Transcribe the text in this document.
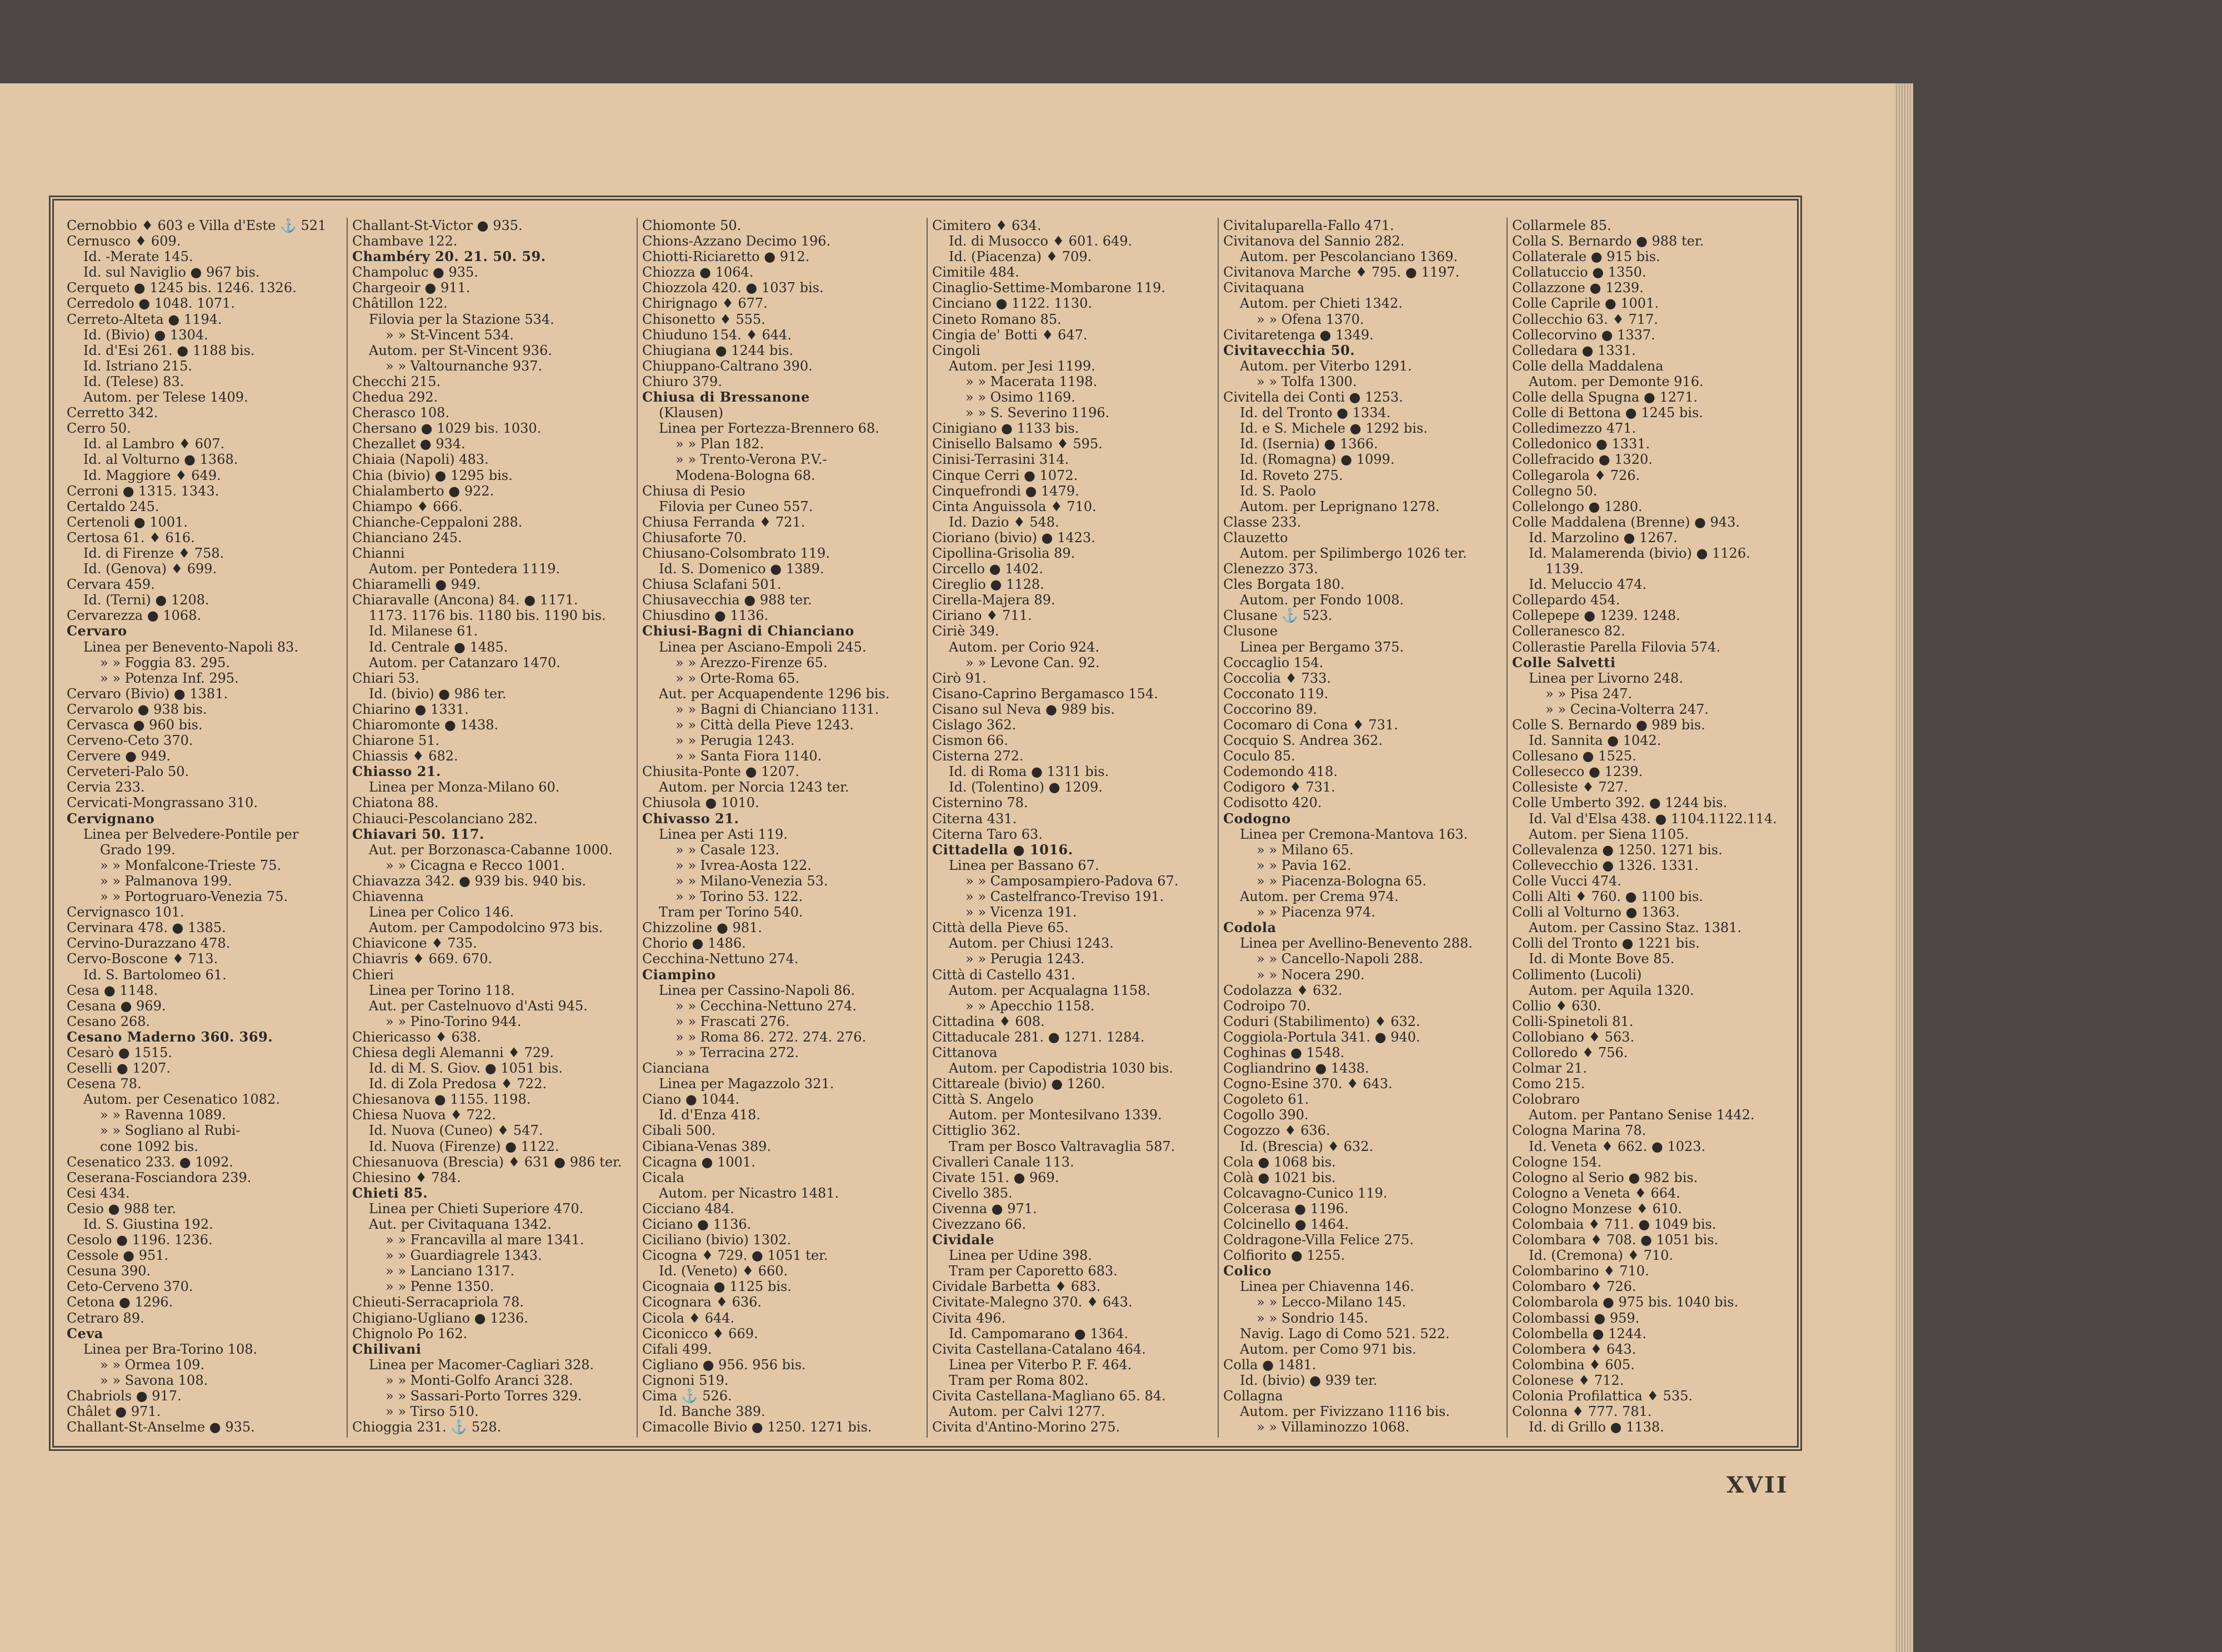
Cernobbio ♦ 603 e Villa d'Este ⚓ 521
Cernusco ♦ 609.
Id. -Merate 145.
Id. sul Naviglio ● 967 bis.
Cerqueto ● 1245 bis. 1246. 1326.
Cerredolo ● 1048. 1071.
Cerreto-Alteta ● 1194.
Id. (Bivio) ● 1304.
Id. d'Esi 261. ● 1188 bis.
Id. Istriano 215.
Id. (Telese) 83.
Autom. per Telese 1409.
Cerretto 342.
Cerro 50.
Id. al Lambro ♦ 607.
Id. al Volturno ● 1368.
Id. Maggiore ♦ 649.
Cerroni ● 1315. 1343.
Certaldo 245.
Certenoli ● 1001.
Certosa 61. ♦ 616.
Id. di Firenze ♦ 758.
Id. (Genova) ♦ 699.
Cervara 459.
Id. (Terni) ● 1208.
Cervarezza ● 1068.
Cervaro
Linea per Benevento-Napoli 83.
» » Foggia 83. 295.
» » Potenza Inf. 295.
Cervaro (Bivio) ● 1381.
Cervarolo ● 938 bis.
Cervasca ● 960 bis.
Cerveno-Ceto 370.
Cervere ● 949.
Cerveteri-Palo 50.
Cervia 233.
Cervicati-Mongrassano 310.
Cervignano
Linea per Belvedere-Pontile per
Grado 199.
» » Monfalcone-Trieste 75.
» » Palmanova 199.
» » Portogruaro-Venezia 75.
Cervignasco 101.
Cervinara 478. ● 1385.
Cervino-Durazzano 478.
Cervo-Boscone ♦ 713.
Id. S. Bartolomeo 61.
Cesa ● 1148.
Cesana ● 969.
Cesano 268.
Cesano Maderno 360. 369.
Cesarò ● 1515.
Ceselli ● 1207.
Cesena 78.
Autom. per Cesenatico 1082.
» » Ravenna 1089.
» » Sogliano al Rubi-
cone 1092 bis.
Cesenatico 233. ● 1092.
Ceserana-Fosciandora 239.
Cesi 434.
Cesio ● 988 ter.
Id. S. Giustina 192.
Cesolo ● 1196. 1236.
Cessole ● 951.
Cesuna 390.
Ceto-Cerveno 370.
Cetona ● 1296.
Cetraro 89.
Ceva
Linea per Bra-Torino 108.
» » Ormea 109.
» » Savona 108.
Chabriols ● 917.
Châlet ● 971.
Challant-St-Anselme ● 935.
Challant-St-Victor ● 935.
Chambave 122.
Chambéry 20. 21. 50. 59.
Champoluc ● 935.
Chargeoir ● 911.
Châtillon 122.
Filovia per la Stazione 534.
» » St-Vincent 534.
Autom. per St-Vincent 936.
» » Valtournanche 937.
Checchi 215.
Chedua 292.
Cherasco 108.
Chersano ● 1029 bis. 1030.
Chezallet ● 934.
Chiaia (Napoli) 483.
Chia (bivio) ● 1295 bis.
Chialamberto ● 922.
Chiampo ♦ 666.
Chianche-Ceppaloni 288.
Chianciano 245.
Chianni
Autom. per Pontedera 1119.
Chiaramelli ● 949.
Chiaravalle (Ancona) 84. ● 1171.
1173. 1176 bis. 1180 bis. 1190 bis.
Id. Milanese 61.
Id. Centrale ● 1485.
Autom. per Catanzaro 1470.
Chiari 53.
Id. (bivio) ● 986 ter.
Chiarino ● 1331.
Chiaromonte ● 1438.
Chiarone 51.
Chiassis ♦ 682.
Chiasso 21.
Linea per Monza-Milano 60.
Chiatona 88.
Chiauci-Pescolanciano 282.
Chiavari 50. 117.
Aut. per Borzonasca-Cabanne 1000.
» » Cicagna e Recco 1001.
Chiavazza 342. ● 939 bis. 940 bis.
Chiavenna
Linea per Colico 146.
Autom. per Campodolcino 973 bis.
Chiavicone ♦ 735.
Chiavris ♦ 669. 670.
Chieri
Linea per Torino 118.
Aut. per Castelnuovo d'Asti 945.
» » Pino-Torino 944.
Chiericasso ♦ 638.
Chiesa degli Alemanni ♦ 729.
Id. di M. S. Giov. ● 1051 bis.
Id. di Zola Predosa ♦ 722.
Chiesanova ● 1155. 1198.
Chiesa Nuova ♦ 722.
Id. Nuova (Cuneo) ♦ 547.
Id. Nuova (Firenze) ● 1122.
Chiesanuova (Brescia) ♦ 631 ● 986 ter.
Chiesino ♦ 784.
Chieti 85.
Linea per Chieti Superiore 470.
Aut. per Civitaquana 1342.
» » Francavilla al mare 1341.
» » Guardiagrele 1343.
» » Lanciano 1317.
» » Penne 1350.
Chieuti-Serracapriola 78.
Chigiano-Ugliano ● 1236.
Chignolo Po 162.
Chilivani
Linea per Macomer-Cagliari 328.
» » Monti-Golfo Aranci 328.
» » Sassari-Porto Torres 329.
» » Tirso 510.
Chioggia 231. ⚓ 528.
Chiomonte 50.
Chions-Azzano Decimo 196.
Chiotti-Riciaretto ● 912.
Chiozza ● 1064.
Chiozzola 420. ● 1037 bis.
Chirignago ♦ 677.
Chisonetto ♦ 555.
Chiuduno 154. ♦ 644.
Chiugiana ● 1244 bis.
Chiuppano-Caltrano 390.
Chiuro 379.
Chiusa di Bressanone
(Klausen)
Linea per Fortezza-Brennero 68.
» » Plan 182.
» » Trento-Verona P.V.-
Modena-Bologna 68.
Chiusa di Pesio
Filovia per Cuneo 557.
Chiusa Ferranda ♦ 721.
Chiusaforte 70.
Chiusano-Colsombrato 119.
Id. S. Domenico ● 1389.
Chiusa Sclafani 501.
Chiusavecchia ● 988 ter.
Chiusdino ● 1136.
Chiusi-Bagni di Chianciano
Linea per Asciano-Empoli 245.
» » Arezzo-Firenze 65.
» » Orte-Roma 65.
Aut. per Acquapendente 1296 bis.
» » Bagni di Chianciano 1131.
» » Città della Pieve 1243.
» » Perugia 1243.
» » Santa Fiora 1140.
Chiusita-Ponte ● 1207.
Autom. per Norcia 1243 ter.
Chiusola ● 1010.
Chivasso 21.
Linea per Asti 119.
» » Casale 123.
» » Ivrea-Aosta 122.
» » Milano-Venezia 53.
» » Torino 53. 122.
Tram per Torino 540.
Chizzoline ● 981.
Chorio ● 1486.
Cecchina-Nettuno 274.
Ciampino
Linea per Cassino-Napoli 86.
» » Cecchina-Nettuno 274.
» » Frascati 276.
» » Roma 86. 272. 274. 276.
» » Terracina 272.
Cianciana
Linea per Magazzolo 321.
Cianо ● 1044.
Id. d'Enza 418.
Cibali 500.
Cibiana-Venas 389.
Cicagna ● 1001.
Cicala
Autom. per Nicastro 1481.
Ciccianо 484.
Ciciano ● 1136.
Ciciliano (bivio) 1302.
Cicogna ♦ 729. ● 1051 ter.
Id. (Veneto) ♦ 660.
Cicognaia ● 1125 bis.
Cicognara ♦ 636.
Cicola ♦ 644.
Ciconicco ♦ 669.
Cifali 499.
Cigliano ● 956. 956 bis.
Cignoni 519.
Cima ⚓ 526.
Id. Banche 389.
Cimacolle Bivio ● 1250. 1271 bis.
Cimitero ♦ 634.
Id. di Musocco ♦ 601. 649.
Id. (Piacenza) ♦ 709.
Cimitile 484.
Cinaglio-Settime-Mombarone 119.
Cinciano ● 1122. 1130.
Cineto Romano 85.
Cingia de' Botti ♦ 647.
Cingoli
Autom. per Jesi 1199.
» » Macerata 1198.
» » Osimo 1169.
» » S. Severino 1196.
Cinigiano ● 1133 bis.
Cinisello Balsamo ♦ 595.
Cinisi-Terrasini 314.
Cinque Cerri ● 1072.
Cinquefrondi ● 1479.
Cinta Anguissola ♦ 710.
Id. Dazio ♦ 548.
Cioriano (bivio) ● 1423.
Cipollina-Grisolia 89.
Circello ● 1402.
Cireglio ● 1128.
Cirella-Majera 89.
Ciriano ♦ 711.
Ciriè 349.
Autom. per Corio 924.
» » Levone Can. 92.
Cirò 91.
Cisano-Caprino Bergamasco 154.
Cisano sul Neva ● 989 bis.
Cislago 362.
Cismon 66.
Cisterna 272.
Id. di Roma ● 1311 bis.
Id. (Tolentino) ● 1209.
Cisternino 78.
Citerna 431.
Citerna Taro 63.
Cittadella ● 1016.
Linea per Bassano 67.
» » Camposampiero-Padova 67.
» » Castelfranco-Treviso 191.
» » Vicenza 191.
Città della Pieve 65.
Autom. per Chiusi 1243.
» » Perugia 1243.
Città di Castello 431.
Autom. per Acqualagna 1158.
» » Apecchio 1158.
Cittadina ♦ 608.
Cittaducale 281. ● 1271. 1284.
Cittanova
Autom. per Capodistria 1030 bis.
Cittareale (bivio) ● 1260.
Città S. Angelo
Autom. per Montesilvano 1339.
Cittiglio 362.
Tram per Bosco Valtravaglia 587.
Civalleri Canale 113.
Civate 151. ● 969.
Civello 385.
Civenna ● 971.
Civezzano 66.
Cividale
Linea per Udine 398.
Tram per Caporetto 683.
Cividale Barbetta ♦ 683.
Civitate-Malegno 370. ♦ 643.
Civita 496.
Id. Campomarano ● 1364.
Civita Castellana-Catalano 464.
Linea per Viterbo P. F. 464.
Tram per Roma 802.
Civita Castellana-Magliano 65. 84.
Autom. per Calvi 1277.
Civita d'Antino-Morino 275.
Civitaluparella-Fallo 471.
Civitanova del Sannio 282.
Autom. per Pescolanciano 1369.
Civitanova Marche ♦ 795. ● 1197.
Civitaquana
Autom. per Chieti 1342.
» » Ofena 1370.
Civitaretenga ● 1349.
Civitavecchia 50.
Autom. per Viterbo 1291.
» » Tolfa 1300.
Civitella dei Conti ● 1253.
Id. del Tronto ● 1334.
Id. e S. Michele ● 1292 bis.
Id. (Isernia) ● 1366.
Id. (Romagna) ● 1099.
Id. Roveto 275.
Id. S. Paolo
Autom. per Leprignano 1278.
Classe 233.
Clauzetto
Autom. per Spilimbergo 1026 ter.
Clenezzo 373.
Cles Borgata 180.
Autom. per Fondo 1008.
Clusane ⚓ 523.
Clusone
Linea per Bergamo 375.
Coccaglio 154.
Coccolia ♦ 733.
Cocconato 119.
Coccorino 89.
Cocomaro di Cona ♦ 731.
Cocquio S. Andrea 362.
Coculo 85.
Codemondo 418.
Codigoro ♦ 731.
Codisotto 420.
Codogno
Linea per Cremona-Mantova 163.
» » Milano 65.
» » Pavia 162.
» » Piacenza-Bologna 65.
Autom. per Crema 974.
» » Piacenza 974.
Codola
Linea per Avellino-Benevento 288.
» » Cancello-Napoli 288.
» » Nocera 290.
Codolazza ♦ 632.
Codroipo 70.
Coduri (Stabilimento) ♦ 632.
Coggiola-Portula 341. ● 940.
Coghinas ● 1548.
Cogliandrino ● 1438.
Cogno-Esine 370. ♦ 643.
Cogoleto 61.
Cogollo 390.
Cogozzo ♦ 636.
Id. (Brescia) ♦ 632.
Cola ● 1068 bis.
Colà ● 1021 bis.
Colcavagno-Cunico 119.
Colcerasa ● 1196.
Colcinello ● 1464.
Coldragone-Villa Felice 275.
Colfiorito ● 1255.
Colico
Linea per Chiavenna 146.
» » Lecco-Milano 145.
» » Sondrio 145.
Navig. Lago di Como 521. 522.
Autom. per Como 971 bis.
Colla ● 1481.
Id. (bivio) ● 939 ter.
Collagna
Autom. per Fivizzano 1116 bis.
» » Villaminozzo 1068.
Collarmele 85.
Colla S. Bernardo ● 988 ter.
Collaterale ● 915 bis.
Collatuccio ● 1350.
Collazzone ● 1239.
Colle Caprile ● 1001.
Collecchio 63. ♦ 717.
Collecorvino ● 1337.
Colledara ● 1331.
Colle della Maddalena
Autom. per Demonte 916.
Colle della Spugna ● 1271.
Colle di Bettona ● 1245 bis.
Colledimezzo 471.
Colledonico ● 1331.
Collefracido ● 1320.
Collegarola ♦ 726.
Collegno 50.
Collelongo ● 1280.
Colle Maddalena (Brenne) ● 943.
Id. Marzolino ● 1267.
Id. Malamerenda (bivio) ● 1126.
1139.
Id. Meluccio 474.
Collepardo 454.
Collepepe ● 1239. 1248.
Colleranesco 82.
Collerastie Parella Filovia 574.
Colle Salvetti
Linea per Livorno 248.
» » Pisa 247.
» » Cecina-Volterra 247.
Colle S. Bernardo ● 989 bis.
Id. Sannita ● 1042.
Collesano ● 1525.
Collesecco ● 1239.
Collesiste ♦ 727.
Colle Umberto 392. ● 1244 bis.
Id. Val d'Elsa 438. ● 1104.1122.114.
Autom. per Siena 1105.
Collevalenza ● 1250. 1271 bis.
Collevecchio ● 1326. 1331.
Colle Vucci 474.
Colli Alti ♦ 760. ● 1100 bis.
Colli al Volturno ● 1363.
Autom. per Cassino Staz. 1381.
Colli del Tronto ● 1221 bis.
Id. di Monte Bove 85.
Collimento (Lucoli)
Autom. per Aquila 1320.
Collio ♦ 630.
Colli-Spinetoli 81.
Collobiano ♦ 563.
Colloredo ♦ 756.
Colmar 21.
Como 215.
Colobraro
Autom. per Pantano Senise 1442.
Cologna Marina 78.
Id. Veneta ♦ 662. ● 1023.
Cologne 154.
Cologno al Serio ● 982 bis.
Cologno a Veneta ♦ 664.
Cologno Monzese ♦ 610.
Colombaia ♦ 711. ● 1049 bis.
Colombara ♦ 708. ● 1051 bis.
Id. (Cremona) ♦ 710.
Colombarino ♦ 710.
Colombaro ♦ 726.
Colombarola ● 975 bis. 1040 bis.
Colombassi ● 959.
Colombella ● 1244.
Colombera ♦ 643.
Colombina ♦ 605.
Colonese ♦ 712.
Colonia Profilattica ♦ 535.
Colonna ♦ 777. 781.
Id. di Grillo ● 1138.
XVII
